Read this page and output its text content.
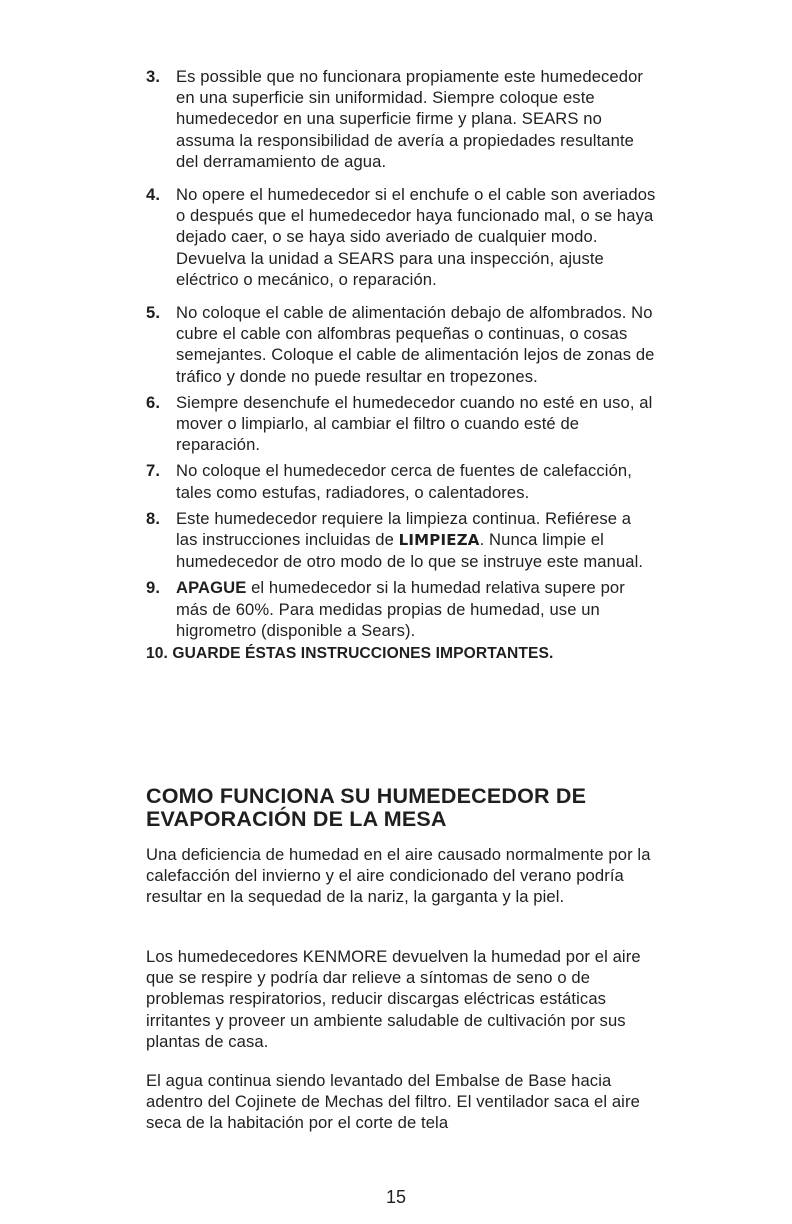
3. Es possible que no funcionara propiamente este humedecedor en una superficie sin uniformidad. Siempre coloque este humedecedor en una superficie firme y plana. SEARS no assuma la responsibilidad de avería a propiedades resultante del derramamiento de agua.
4. No opere el humedecedor si el enchufe o el cable son averiados o después que el humedecedor haya funcionado mal, o se haya dejado caer, o se haya sido averiado de cualquier modo. Devuelva la unidad a SEARS para una inspección, ajuste eléctrico o mecánico, o reparación.
5. No coloque el cable de alimentación debajo de alfombrados. No cubre el cable con alfombras pequeñas o continuas, o cosas semejantes. Coloque el cable de alimentación lejos de zonas de tráfico y donde no puede resultar en tropezones.
6. Siempre desenchufe el humedecedor cuando no esté en uso, al mover o limpiarlo, al cambiar el filtro o cuando esté de reparación.
7. No coloque el humedecedor cerca de fuentes de calefacción, tales como estufas, radiadores, o calentadores.
8. Este humedecedor requiere la limpieza continua. Refiérese a las instrucciones incluidas de LIMPIEZA. Nunca limpie el humedecedor de otro modo de lo que se instruye este manual.
9. APAGUE el humedecedor si la humedad relativa supere por más de 60%. Para medidas propias de humedad, use un higrometro (disponible a Sears).
10. GUARDE ÉSTAS INSTRUCCIONES IMPORTANTES.
COMO FUNCIONA SU HUMEDECEDOR DE
EVAPORACIÓN DE LA MESA

Una deficiencia de humedad en el aire causado normalmente por la calefacción del invierno y el aire condicionado del verano podría resultar en la sequedad de la nariz, la garganta y la piel.

Los humedecedores KENMORE devuelven la humedad por el aire que se respire y podría dar relieve a síntomas de seno o de problemas respiratorios, reducir discargas eléctricas estáticas irritantes y proveer un ambiente saludable de cultivación por sus plantas de casa.

El agua continua siendo levantado del Embalse de Base hacia adentro del Cojinete de Mechas del filtro. El ventilador saca el aire seca de la habitación por el corte de tela

15
